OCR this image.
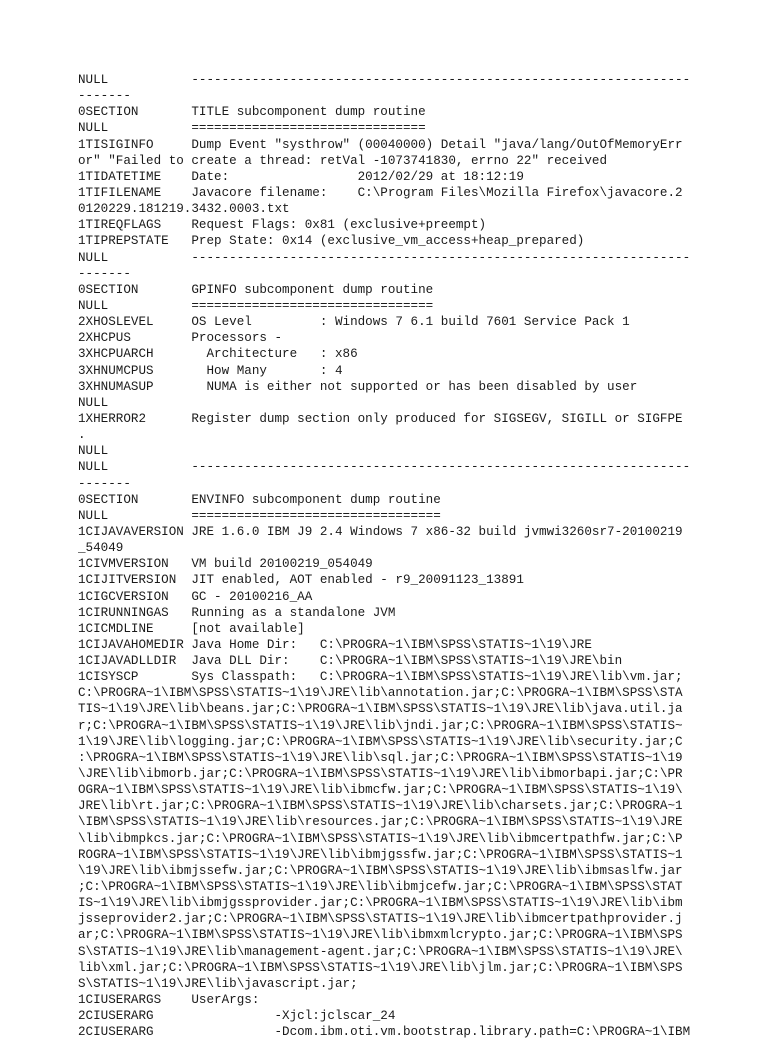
NULL           ------------------------------------------------------------------
-------
0SECTION       TITLE subcomponent dump routine
NULL           ===============================
1TISIGINFO     Dump Event "systhrow" (00040000) Detail "java/lang/OutOfMemoryErr
or" "Failed to create a thread: retVal -1073741830, errno 22" received
1TIDATETIME    Date:                 2012/02/29 at 18:12:19
1TIFILENAME    Javacore filename:    C:\Program Files\Mozilla Firefox\javacore.2
0120229.181219.3432.0003.txt
1TIREQFLAGS    Request Flags: 0x81 (exclusive+preempt)
1TIPREPSTATE   Prep State: 0x14 (exclusive_vm_access+heap_prepared)
NULL           ------------------------------------------------------------------
-------
0SECTION       GPINFO subcomponent dump routine
NULL           ================================
2XHOSLEVEL     OS Level         : Windows 7 6.1 build 7601 Service Pack 1
2XHCPUS        Processors -
3XHCPUARCH       Architecture   : x86
3XHNUMCPUS       How Many       : 4
3XHNUMASUP       NUMA is either not supported or has been disabled by user
NULL
1XHERROR2      Register dump section only produced for SIGSEGV, SIGILL or SIGFPE
.
NULL
NULL           ------------------------------------------------------------------
-------
0SECTION       ENVINFO subcomponent dump routine
NULL           =================================
1CIJAVAVERSION JRE 1.6.0 IBM J9 2.4 Windows 7 x86-32 build jvmwi3260sr7-20100219
_54049
1CIVMVERSION   VM build 20100219_054049
1CIJITVERSION  JIT enabled, AOT enabled - r9_20091123_13891
1CIGCVERSION   GC - 20100216_AA
1CIRUNNINGAS   Running as a standalone JVM
1CICMDLINE     [not available]
1CIJAVAHOMEDIR Java Home Dir:   C:\PROGRA~1\IBM\SPSS\STATIS~1\19\JRE
1CIJAVADLLDIR  Java DLL Dir:    C:\PROGRA~1\IBM\SPSS\STATIS~1\19\JRE\bin
1CISYSCP       Sys Classpath:   C:\PROGRA~1\IBM\SPSS\STATIS~1\19\JRE\lib\vm.jar;
C:\PROGRA~1\IBM\SPSS\STATIS~1\19\JRE\lib\annotation.jar;C:\PROGRA~1\IBM\SPSS\STA
TIS~1\19\JRE\lib\beans.jar;C:\PROGRA~1\IBM\SPSS\STATIS~1\19\JRE\lib\java.util.ja
r;C:\PROGRA~1\IBM\SPSS\STATIS~1\19\JRE\lib\jndi.jar;C:\PROGRA~1\IBM\SPSS\STATIS~
1\19\JRE\lib\logging.jar;C:\PROGRA~1\IBM\SPSS\STATIS~1\19\JRE\lib\security.jar;C
:\PROGRA~1\IBM\SPSS\STATIS~1\19\JRE\lib\sql.jar;C:\PROGRA~1\IBM\SPSS\STATIS~1\19
\JRE\lib\ibmorb.jar;C:\PROGRA~1\IBM\SPSS\STATIS~1\19\JRE\lib\ibmorbapi.jar;C:\PR
OGRA~1\IBM\SPSS\STATIS~1\19\JRE\lib\ibmcfw.jar;C:\PROGRA~1\IBM\SPSS\STATIS~1\19\
JRE\lib\rt.jar;C:\PROGRA~1\IBM\SPSS\STATIS~1\19\JRE\lib\charsets.jar;C:\PROGRA~1
\IBM\SPSS\STATIS~1\19\JRE\lib\resources.jar;C:\PROGRA~1\IBM\SPSS\STATIS~1\19\JRE
\lib\ibmpkcs.jar;C:\PROGRA~1\IBM\SPSS\STATIS~1\19\JRE\lib\ibmcertpathfw.jar;C:\P
ROGRA~1\IBM\SPSS\STATIS~1\19\JRE\lib\ibmjgssfw.jar;C:\PROGRA~1\IBM\SPSS\STATIS~1
\19\JRE\lib\ibmjssefw.jar;C:\PROGRA~1\IBM\SPSS\STATIS~1\19\JRE\lib\ibmsaslfw.jar
;C:\PROGRA~1\IBM\SPSS\STATIS~1\19\JRE\lib\ibmjcefw.jar;C:\PROGRA~1\IBM\SPSS\STAT
IS~1\19\JRE\lib\ibmjgssprovider.jar;C:\PROGRA~1\IBM\SPSS\STATIS~1\19\JRE\lib\ibm
jsseprovider2.jar;C:\PROGRA~1\IBM\SPSS\STATIS~1\19\JRE\lib\ibmcertpathprovider.j
ar;C:\PROGRA~1\IBM\SPSS\STATIS~1\19\JRE\lib\ibmxmlcrypto.jar;C:\PROGRA~1\IBM\SPS
S\STATIS~1\19\JRE\lib\management-agent.jar;C:\PROGRA~1\IBM\SPSS\STATIS~1\19\JRE\
lib\xml.jar;C:\PROGRA~1\IBM\SPSS\STATIS~1\19\JRE\lib\jlm.jar;C:\PROGRA~1\IBM\SPS
S\STATIS~1\19\JRE\lib\javascript.jar;
1CIUSERARGS    UserArgs:
2CIUSERARG                -Xjcl:jclscar_24
2CIUSERARG                -Dcom.ibm.oti.vm.bootstrap.library.path=C:\PROGRA~1\IBM
